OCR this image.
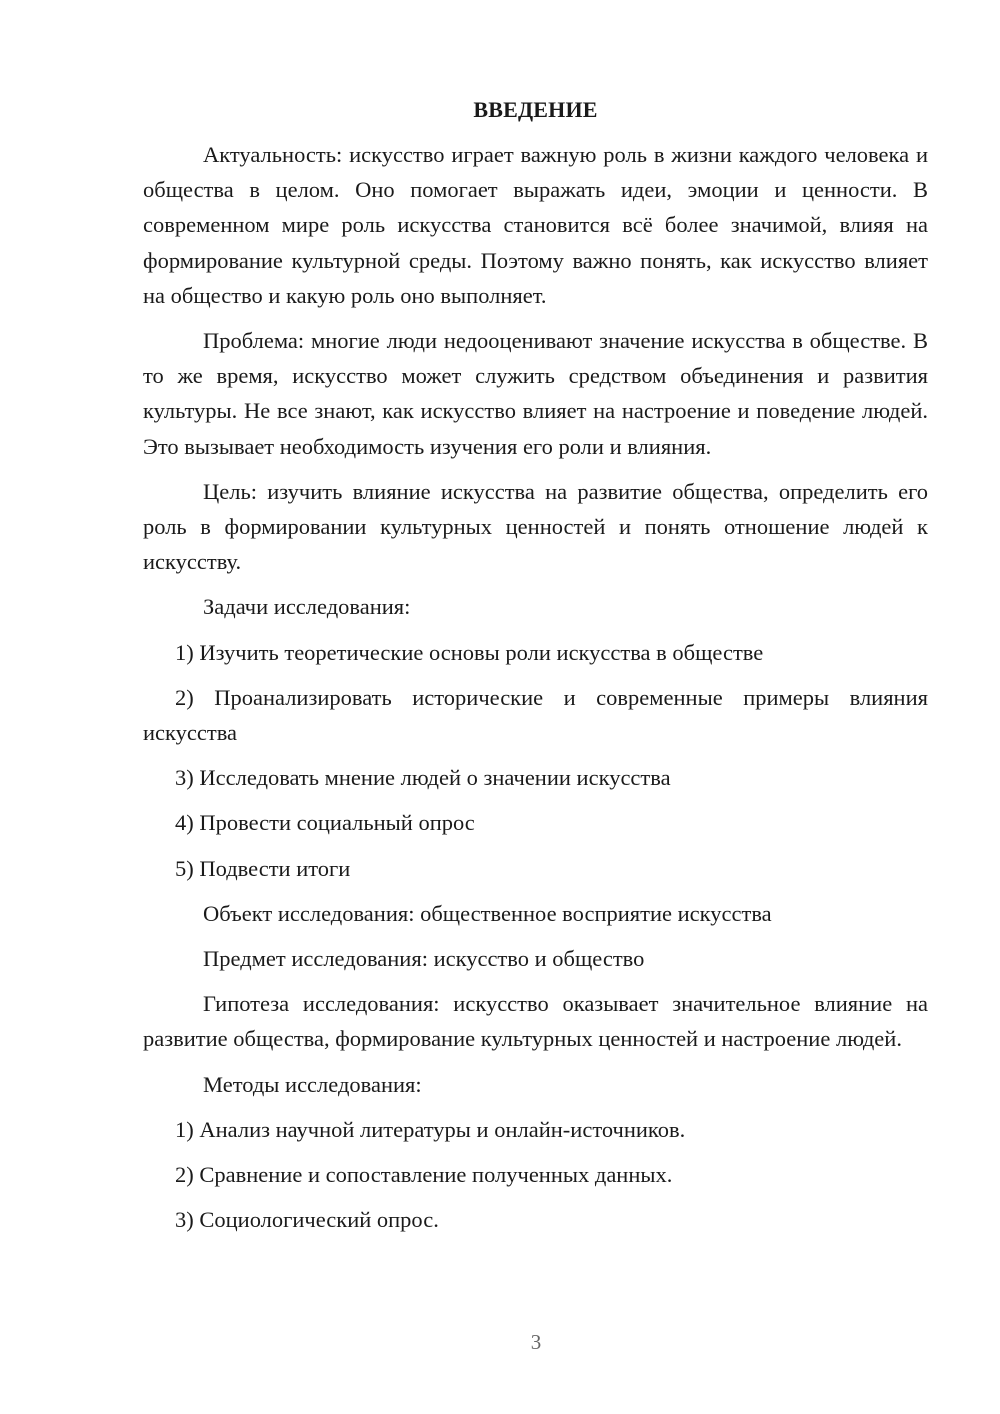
ВВЕДЕНИЕ

Актуальность: искусство играет важную роль в жизни каждого человека и общества в целом. Оно помогает выражать идеи, эмоции и ценности. В современном мире роль искусства становится всё более значимой, влияя на формирование культурной среды. Поэтому важно понять, как искусство влияет на общество и какую роль оно выполняет.

Проблема: многие люди недооценивают значение искусства в обществе. В то же время, искусство может служить средством объединения и развития культуры. Не все знают, как искусство влияет на настроение и поведение людей. Это вызывает необходимость изучения его роли и влияния.

Цель: изучить влияние искусства на развитие общества, определить его роль в формировании культурных ценностей и понять отношение людей к искусству.

Задачи исследования:

1) Изучить теоретические основы роли искусства в обществе

2) Проанализировать исторические и современные примеры влияния искусства

3) Исследовать мнение людей о значении искусства

4) Провести социальный опрос

5) Подвести итоги

Объект исследования: общественное восприятие искусства

Предмет исследования: искусство и общество

Гипотеза исследования: искусство оказывает значительное влияние на развитие общества, формирование культурных ценностей и настроение людей.

Методы исследования:

1) Анализ научной литературы и онлайн-источников.

2) Сравнение и сопоставление полученных данных.

3) Социологический опрос.

3
